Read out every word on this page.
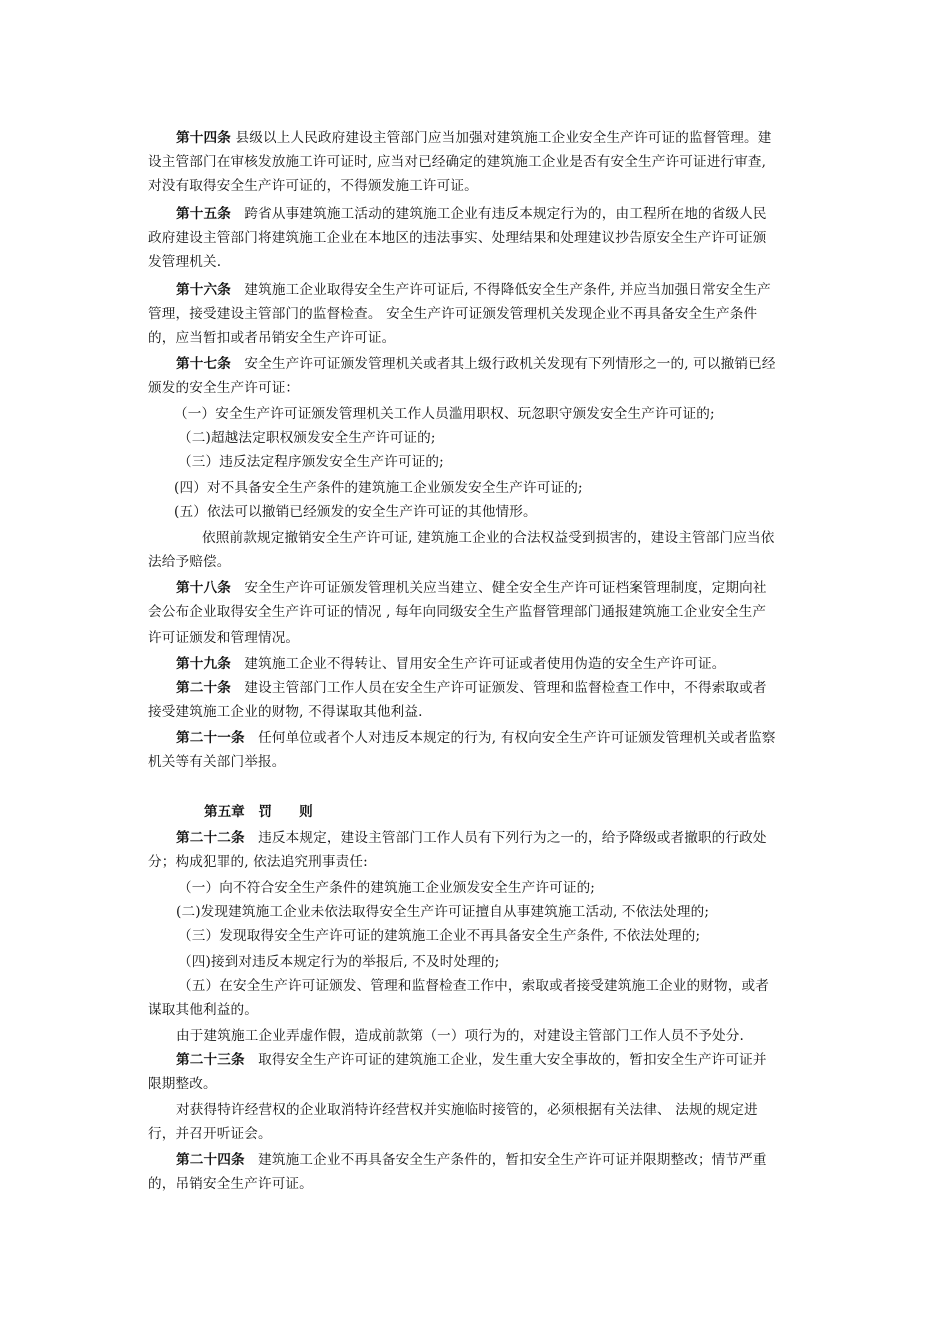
第十四条 县级以上人民政府建设主管部门应当加强对建筑施工企业安全生产许可证的监督管理。建
设主管部门在审核发放施工许可证时, 应当对已经确定的建筑施工企业是否有安全生产许可证进行审查,
对没有取得安全生产许可证的，不得颁发施工许可证。
第十五条 跨省从事建筑施工活动的建筑施工企业有违反本规定行为的，由工程所在地的省级人民
政府建设主管部门将建筑施工企业在本地区的违法事实、处理结果和处理建议抄告原安全生产许可证颁
发管理机关.
第十六条 建筑施工企业取得安全生产许可证后, 不得降低安全生产条件, 并应当加强日常安全生产
管理，接受建设主管部门的监督检查。 安全生产许可证颁发管理机关发现企业不再具备安全生产条件
的，应当暂扣或者吊销安全生产许可证。
第十七条 安全生产许可证颁发管理机关或者其上级行政机关发现有下列情形之一的, 可以撤销已经
颁发的安全生产许可证：
（一）安全生产许可证颁发管理机关工作人员滥用职权、玩忽职守颁发安全生产许可证的;
（二)超越法定职权颁发安全生产许可证的;
（三）违反法定程序颁发安全生产许可证的;
(四）对不具备安全生产条件的建筑施工企业颁发安全生产许可证的;
(五）依法可以撤销已经颁发的安全生产许可证的其他情形。
依照前款规定撤销安全生产许可证, 建筑施工企业的合法权益受到损害的，建设主管部门应当依
法给予赔偿。
第十八条 安全生产许可证颁发管理机关应当建立、健全安全生产许可证档案管理制度，定期向社
会公布企业取得安全生产许可证的情况 , 每年向同级安全生产监督管理部门通报建筑施工企业安全生产
许可证颁发和管理情况。
第十九条 建筑施工企业不得转让、冒用安全生产许可证或者使用伪造的安全生产许可证。
第二十条 建设主管部门工作人员在安全生产许可证颁发、管理和监督检查工作中，不得索取或者
接受建筑施工企业的财物, 不得谋取其他利益.
第二十一条 任何单位或者个人对违反本规定的行为, 有权向安全生产许可证颁发管理机关或者监察
机关等有关部门举报。
第五章　罚　　则
第二十二条 违反本规定，建设主管部门工作人员有下列行为之一的，给予降级或者撤职的行政处
分；构成犯罪的, 依法追究刑事责任:
（一）向不符合安全生产条件的建筑施工企业颁发安全生产许可证的;
(二)发现建筑施工企业未依法取得安全生产许可证擅自从事建筑施工活动, 不依法处理的;
（三）发现取得安全生产许可证的建筑施工企业不再具备安全生产条件, 不依法处理的;
（四)接到对违反本规定行为的举报后, 不及时处理的;
（五）在安全生产许可证颁发、管理和监督检查工作中，索取或者接受建筑施工企业的财物，或者
谋取其他利益的。
由于建筑施工企业弄虚作假，造成前款第（一）项行为的，对建设主管部门工作人员不予处分.
第二十三条 取得安全生产许可证的建筑施工企业，发生重大安全事故的，暂扣安全生产许可证并
限期整改。
对获得特许经营权的企业取消特许经营权并实施临时接管的，必须根据有关法律、 法规的规定进
行，并召开听证会。
第二十四条 建筑施工企业不再具备安全生产条件的，暂扣安全生产许可证并限期整改；情节严重
的，吊销安全生产许可证。
